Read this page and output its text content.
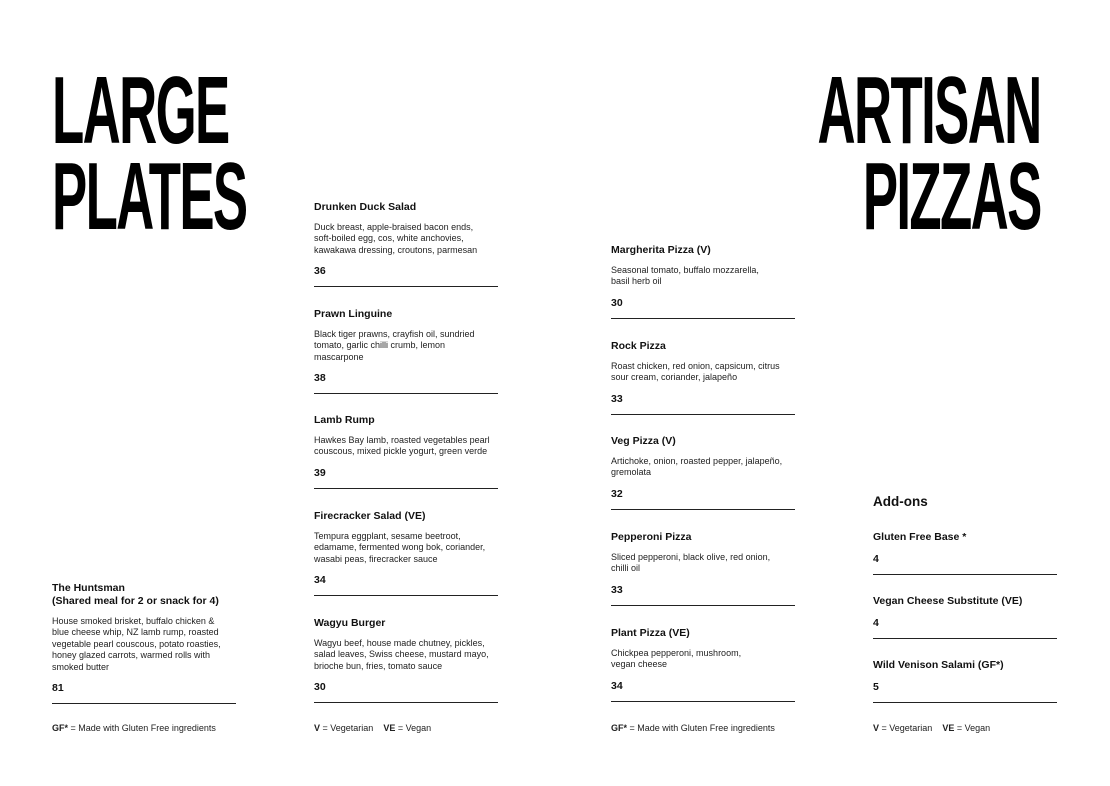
LARGE
PLATES
ARTISAN
PIZZAS

The Huntsman
(Shared meal for 2 or snack for 4)

House smoked brisket, buffalo chicken & blue cheese whip, NZ lamb rump, roasted vegetable pearl couscous, potato roasties, honey glazed carrots, warmed rolls with smoked butter

81

Drunken Duck Salad

Duck breast, apple-braised bacon ends, soft-boiled egg, cos, white anchovies, kawakawa dressing, croutons, parmesan

36

Prawn Linguine

Black tiger prawns, crayfish oil, sundried tomato, garlic chilli crumb, lemon mascarpone

38

Lamb Rump

Hawkes Bay lamb, roasted vegetables pearl couscous, mixed pickle yogurt, green verde

39

Firecracker Salad (VE)

Tempura eggplant, sesame beetroot, edamame, fermented wong bok, coriander, wasabi peas, firecracker sauce

34

Wagyu Burger

Wagyu beef, house made chutney, pickles, salad leaves, Swiss cheese, mustard mayo, brioche bun, fries, tomato sauce

30

Margherita Pizza (V)

Seasonal tomato, buffalo mozzarella, basil herb oil

30

Rock Pizza

Roast chicken, red onion, capsicum, citrus sour cream, coriander, jalapeño

33

Veg Pizza (V)

Artichoke, onion, roasted pepper, jalapeño, gremolata

32

Pepperoni Pizza

Sliced pepperoni, black olive, red onion, chilli oil

33

Plant Pizza (VE)

Chickpea pepperoni, mushroom, vegan cheese

34
Add-ons

Gluten Free Base *

4

Vegan Cheese Substitute (VE)

4

Wild Venison Salami (GF*)

5
GF* = Made with Gluten Free ingredients	V = Vegetarian VE = Vegan	GF* = Made with Gluten Free ingredients	V = Vegetarian VE = Vegan
